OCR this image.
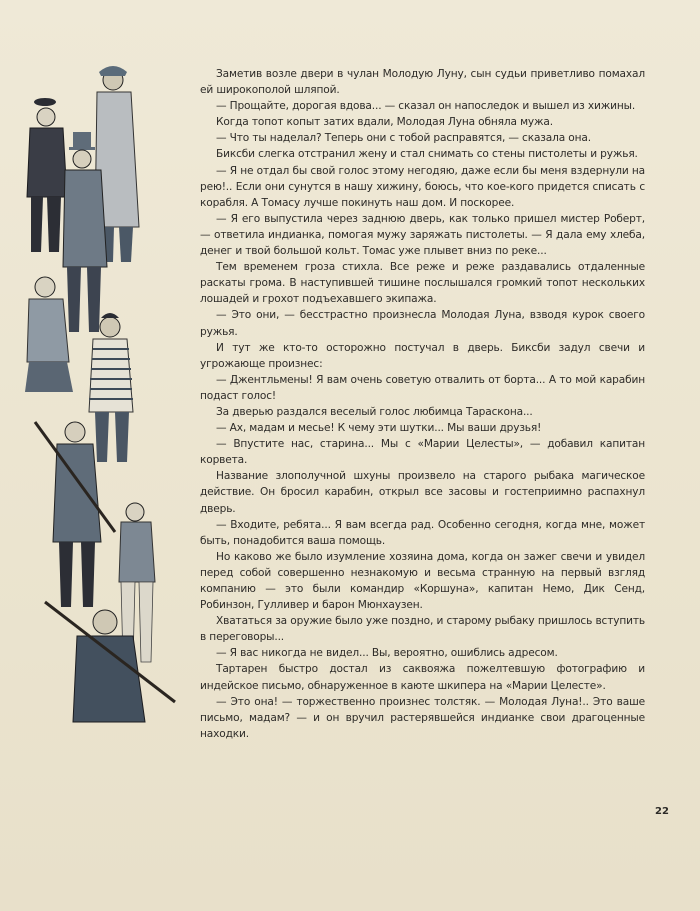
Заметив возле двери в чулан Молодую Луну, сын судьи приветливо помахал ей широкополой шляпой.

— Прощайте, дорогая вдова... — сказал он напоследок и вышел из хижины.

Когда топот копыт затих вдали, Молодая Луна обняла мужа.

— Что ты наделал? Теперь они с тобой расправятся, — сказала она.

Биксби слегка отстранил жену и стал снимать со стены пистолеты и ружья.

— Я не отдал бы свой голос этому негодяю, даже если бы меня вздернули на рею!.. Если они сунутся в нашу хижину, боюсь, что кое-кого придется списать с корабля. А Томасу лучше покинуть наш дом. И поскорее.

— Я его выпустила через заднюю дверь, как только пришел мистер Роберт, — ответила индианка, помогая мужу заряжать пистолеты. — Я дала ему хлеба, денег и твой большой кольт. Томас уже плывет вниз по реке...

Тем временем гроза стихла. Все реже и реже раздавались отдаленные раскаты грома. В наступившей тишине послышался громкий топот нескольких лошадей и грохот подъехавшего экипажа.

— Это они, — бесстрастно произнесла Молодая Луна, взводя курок своего ружья.

И тут же кто-то осторожно постучал в дверь. Биксби задул свечи и угрожающе произнес:

— Джентльмены! Я вам очень советую отвалить от борта... А то мой карабин подаст голос!

За дверью раздался веселый голос любимца Тараскона...

— Ах, мадам и месье! К чему эти шутки... Мы ваши друзья!

— Впустите нас, старина... Мы с «Марии Целесты», — добавил капитан корвета.

Название злополучной шхуны произвело на старого рыбака магическое действие. Он бросил карабин, открыл все засовы и гостеприимно распахнул дверь.

— Входите, ребята... Я вам всегда рад. Особенно сегодня, когда мне, может быть, понадобится ваша помощь.

Но каково же было изумление хозяина дома, когда он зажег свечи и увидел перед собой совершенно незнакомую и весьма странную на первый взгляд компанию — это были командир «Коршуна», капитан Немо, Дик Сенд, Робинзон, Гулливер и барон Мюнхаузен.

Хвататься за оружие было уже поздно, и старому рыбаку пришлось вступить в переговоры...

— Я вас никогда не видел... Вы, вероятно, ошиблись адресом.

Тартарен быстро достал из саквояжа пожелтевшую фотографию и индейское письмо, обнаруженное в каюте шкипера на «Марии Целесте».

— Это она! — торжественно произнес толстяк. — Молодая Луна!.. Это ваше письмо, мадам? — и он вручил растерявшейся индианке свои драгоценные находки.

22
